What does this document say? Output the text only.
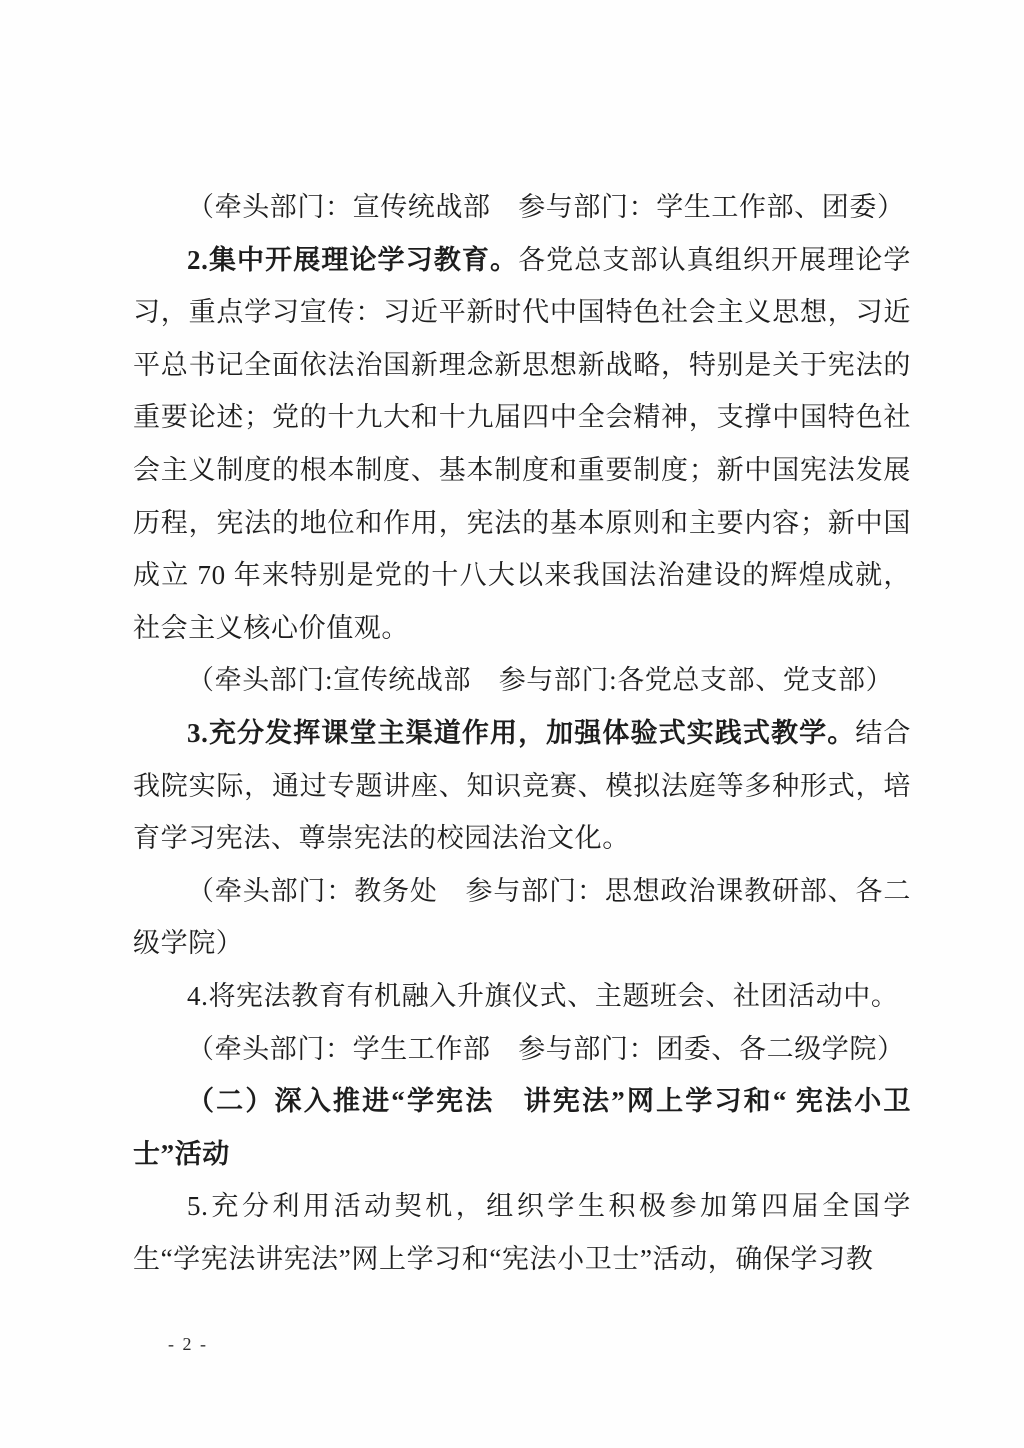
（牵头部门：宣传统战部　参与部门：学生工作部、团委）

2.集中开展理论学习教育。各党总支部认真组织开展理论学习，重点学习宣传：习近平新时代中国特色社会主义思想，习近平总书记全面依法治国新理念新思想新战略，特别是关于宪法的重要论述；党的十九大和十九届四中全会精神，支撑中国特色社会主义制度的根本制度、基本制度和重要制度；新中国宪法发展历程，宪法的地位和作用，宪法的基本原则和主要内容；新中国成立 70 年来特别是党的十八大以来我国法治建设的辉煌成就，社会主义核心价值观。

（牵头部门:宣传统战部　参与部门:各党总支部、党支部）

3.充分发挥课堂主渠道作用，加强体验式实践式教学。结合我院实际，通过专题讲座、知识竞赛、模拟法庭等多种形式，培育学习宪法、尊崇宪法的校园法治文化。

（牵头部门：教务处　参与部门：思想政治课教研部、各二级学院）

4.将宪法教育有机融入升旗仪式、主题班会、社团活动中。

（牵头部门：学生工作部　参与部门：团委、各二级学院）

（二）深入推进“学宪法　讲宪法”网上学习和“ 宪法小卫士”活动

5.充分利用活动契机，组织学生积极参加第四届全国学生“学宪法讲宪法”网上学习和“宪法小卫士”活动，确保学习教

- 2 -
